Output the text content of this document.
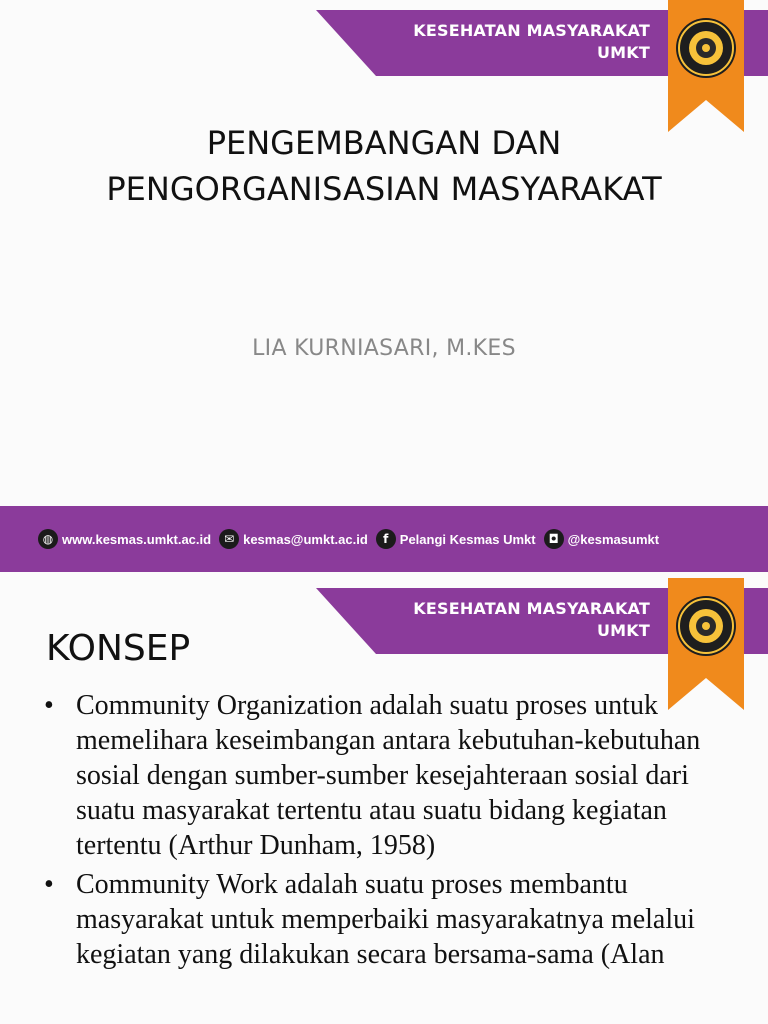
KESEHATAN MASYARAKAT
UMKT
PENGEMBANGAN DAN
PENGORGANISASIAN MASYARAKAT
LIA KURNIASARI, M.KES
◍ www.kesmas.umkt.ac.id	✉ kesmas@umkt.ac.id	f Pelangi Kesmas Umkt	◘ @kesmasumkt
KESEHATAN MASYARAKAT
UMKT
KONSEP
• Community Organization adalah suatu proses untuk memelihara keseimbangan antara kebutuhan-kebutuhan sosial dengan sumber-sumber kesejahteraan sosial dari suatu masyarakat tertentu atau suatu bidang kegiatan tertentu (Arthur Dunham, 1958)
• Community Work adalah suatu proses membantu masyarakat untuk memperbaiki masyarakatnya melalui kegiatan yang dilakukan secara bersama-sama (Alan
